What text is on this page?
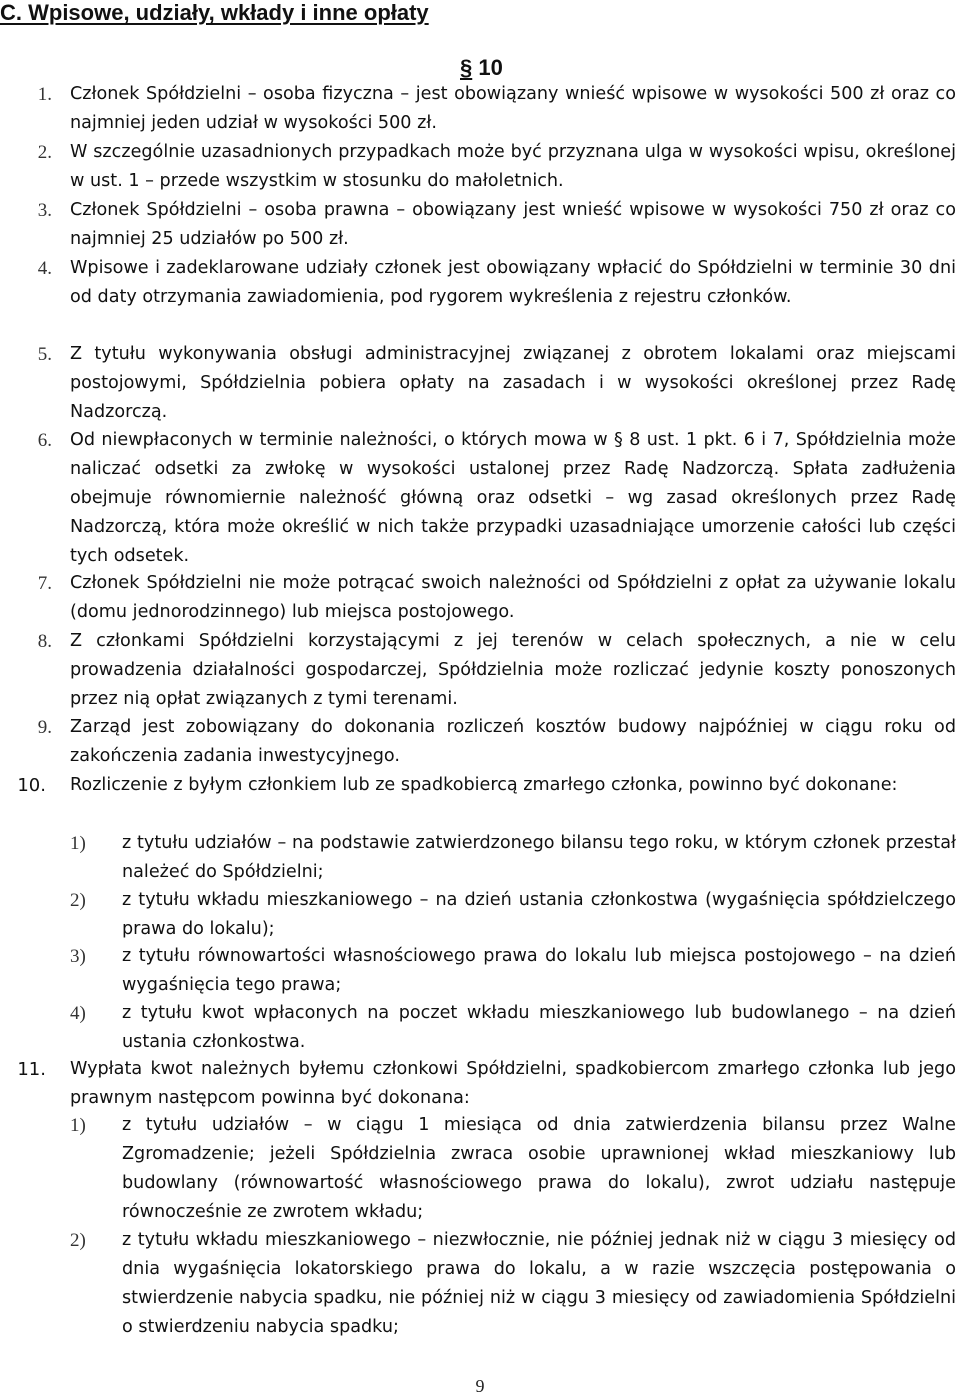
C. Wpisowe, udziały, wkłady i inne opłaty
§ 10
1. Członek Spółdzielni – osoba fizyczna – jest obowiązany wnieść wpisowe w wysokości 500 zł oraz co najmniej jeden udział w wysokości 500 zł.
2. W szczególnie uzasadnionych przypadkach może być przyznana ulga w wysokości wpisu, określonej w ust. 1 – przede wszystkim w stosunku do małoletnich.
3. Członek Spółdzielni – osoba prawna – obowiązany jest wnieść wpisowe w wysokości 750 zł oraz co najmniej 25 udziałów po 500 zł.
4. Wpisowe i zadeklarowane udziały członek jest obowiązany wpłacić do Spółdzielni w terminie 30 dni od daty otrzymania zawiadomienia, pod rygorem wykreślenia z rejestru członków.
5. Z tytułu wykonywania obsługi administracyjnej związanej z obrotem lokalami oraz miejscami postojowymi, Spółdzielnia pobiera opłaty na zasadach i w wysokości określonej przez Radę Nadzorczą.
6. Od niewpłaconych w terminie należności, o których mowa w § 8 ust. 1 pkt. 6 i 7, Spółdzielnia może naliczać odsetki za zwłokę w wysokości ustalonej przez Radę Nadzorczą. Spłata zadłużenia obejmuje równomiernie należność główną oraz odsetki – wg zasad określonych przez Radę Nadzorczą, która może określić w nich także przypadki uzasadniające umorzenie całości lub części tych odsetek.
7. Członek Spółdzielni nie może potrącać swoich należności od Spółdzielni z opłat za używanie lokalu (domu jednorodzinnego) lub miejsca postojowego.
8. Z członkami Spółdzielni korzystającymi z jej terenów w celach społecznych, a nie w celu prowadzenia działalności gospodarczej, Spółdzielnia może rozliczać jedynie koszty ponoszonych przez nią opłat związanych z tymi terenami.
9. Zarząd jest zobowiązany do dokonania rozliczeń kosztów budowy najpóźniej w ciągu roku od zakończenia zadania inwestycyjnego.
10. Rozliczenie z byłym członkiem lub ze spadkobiercą zmarłego członka, powinno być dokonane:
1)	z tytułu udziałów – na podstawie zatwierdzonego bilansu tego roku, w którym członek przestał należeć do Spółdzielni;
2)	z tytułu wkładu mieszkaniowego – na dzień ustania członkostwa (wygaśnięcia spółdzielczego prawa do lokalu);
3)	z tytułu równowartości własnościowego prawa do lokalu lub miejsca postojowego – na dzień wygaśnięcia tego prawa;
4)	z tytułu kwot wpłaconych na poczet wkładu mieszkaniowego lub budowlanego – na dzień ustania członkostwa.
11. Wypłata kwot należnych byłemu członkowi Spółdzielni, spadkobiercom zmarłego członka lub jego prawnym następcom powinna być dokonana:
1)	z tytułu udziałów – w ciągu 1 miesiąca od dnia zatwierdzenia bilansu przez Walne Zgromadzenie; jeżeli Spółdzielnia zwraca osobie uprawnionej wkład mieszkaniowy lub budowlany (równowartość własnościowego prawa do lokalu), zwrot udziału następuje równocześnie ze zwrotem wkładu;
2)	z tytułu wkładu mieszkaniowego – niezwłocznie, nie później jednak niż w ciągu 3 miesięcy od dnia wygaśnięcia lokatorskiego prawa do lokalu, a w razie wszczęcia postępowania o stwierdzenie nabycia spadku, nie później niż w ciągu 3 miesięcy od zawiadomienia Spółdzielni o stwierdzeniu nabycia spadku;
9
